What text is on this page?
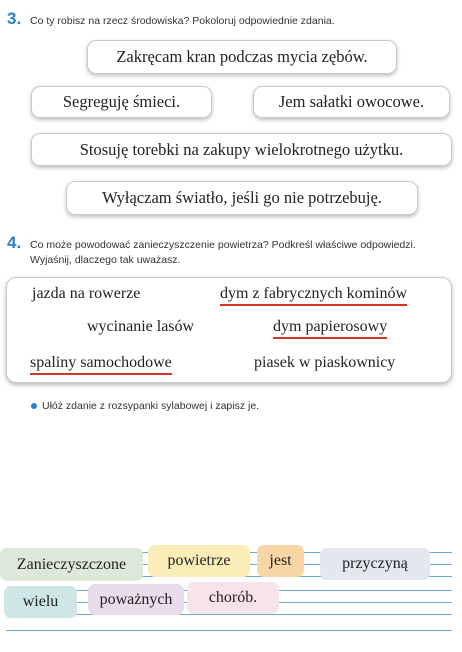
3. Co ty robisz na rzecz środowiska? Pokoloruj odpowiednie zdania.
Zakręcam kran podczas mycia zębów.
Segreguję śmieci.	Jem sałatki owocowe.
Stosuję torebki na zakupy wielokrotnego użytku.
Wyłączam światło, jeśli go nie potrzebuję.
4. Co może powodować zanieczyszczenie powietrza? Podkreśl właściwe odpowiedzi.
Wyjaśnij, dlaczego tak uważasz.
jazda na rowerze	dym z fabrycznych kominów
wycinanie lasów	dym papierosowy
spaliny samochodowe	piasek w piaskownicy
Ułóż zdanie z rozsypanki sylabowej i zapisz je.
Zanieczyszczone	powietrze	jest	przyczyną
wielu	poważnych	chorób.
